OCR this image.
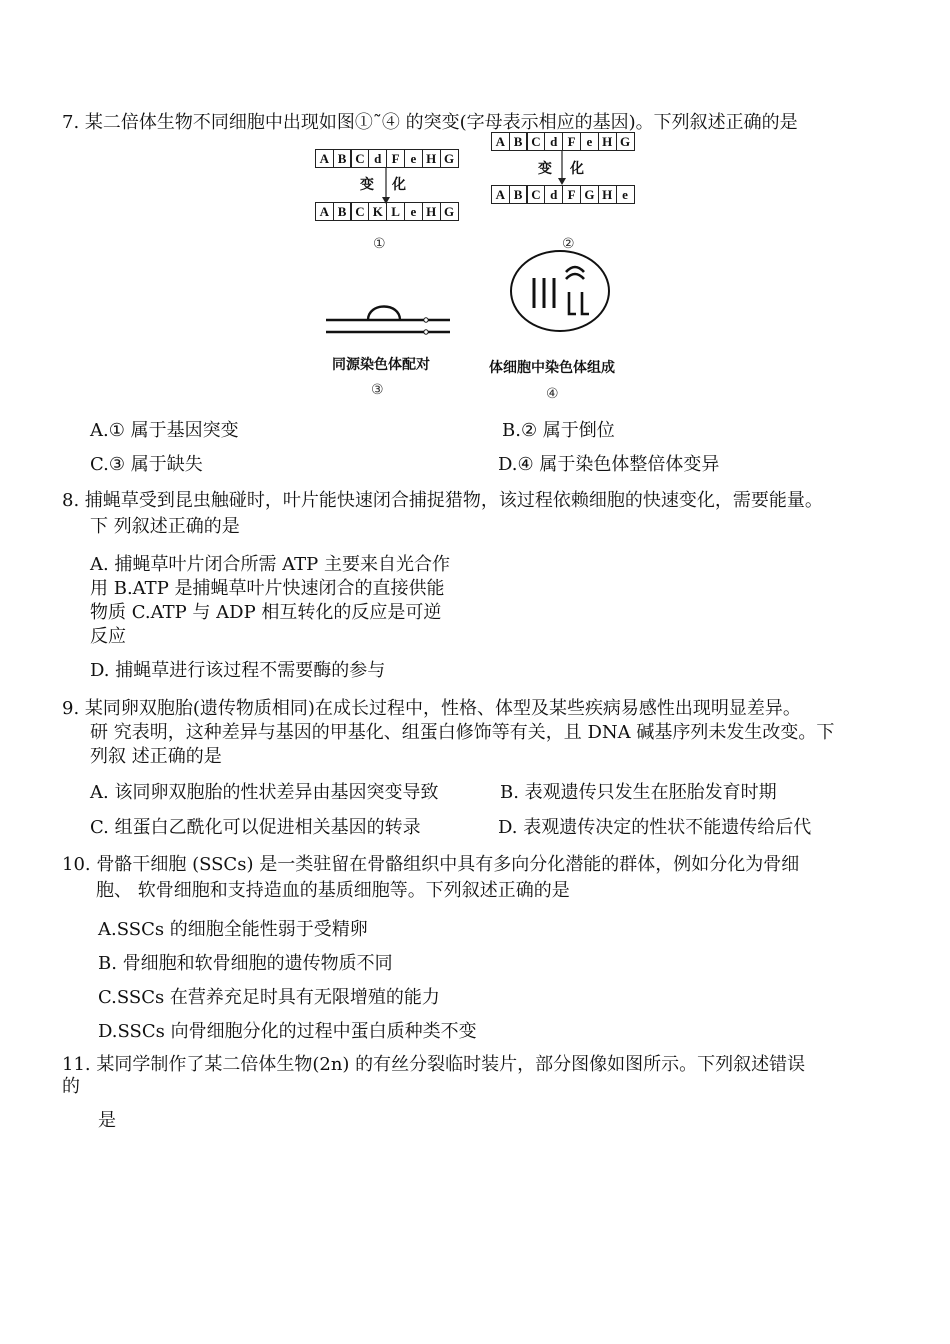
7. 某二倍体生物不同细胞中出现如图①˜④ 的突变(字母表示相应的基因)。下列叙述正确的是
A B C d F e H G
变 化
A B C K L e H G
①
A B C d F e H G
变 化
A B C d F G H e
②
同源染色体配对
③
体细胞中染色体组成
④
A.① 属于基因突变	B.② 属于倒位
C.③ 属于缺失	D.④ 属于染色体整倍体变异
8. 捕蝇草受到昆虫触碰时，叶片能快速闭合捕捉猎物，该过程依赖细胞的快速变化，需要能量。
下 列叙述正确的是
A. 捕蝇草叶片闭合所需 ATP 主要来自光合作
用 B.ATP 是捕蝇草叶片快速闭合的直接供能
物质 C.ATP 与 ADP 相互转化的反应是可逆
反应
D. 捕蝇草进行该过程不需要酶的参与
9. 某同卵双胞胎(遗传物质相同)在成长过程中，性格、体型及某些疾病易感性出现明显差异。
研 究表明，这种差异与基因的甲基化、组蛋白修饰等有关，且 DNA 碱基序列未发生改变。下
列叙 述正确的是
A. 该同卵双胞胎的性状差异由基因突变导致	B. 表观遗传只发生在胚胎发育时期
C. 组蛋白乙酰化可以促进相关基因的转录	D. 表观遗传决定的性状不能遗传给后代
10. 骨骼干细胞 (SSCs) 是一类驻留在骨骼组织中具有多向分化潜能的群体，例如分化为骨细
胞、 软骨细胞和支持造血的基质细胞等。下列叙述正确的是
A.SSCs 的细胞全能性弱于受精卵
B. 骨细胞和软骨细胞的遗传物质不同
C.SSCs 在营养充足时具有无限增殖的能力
D.SSCs 向骨细胞分化的过程中蛋白质种类不变
11. 某同学制作了某二倍体生物(2n) 的有丝分裂临时装片，部分图像如图所示。下列叙述错误
的
是
